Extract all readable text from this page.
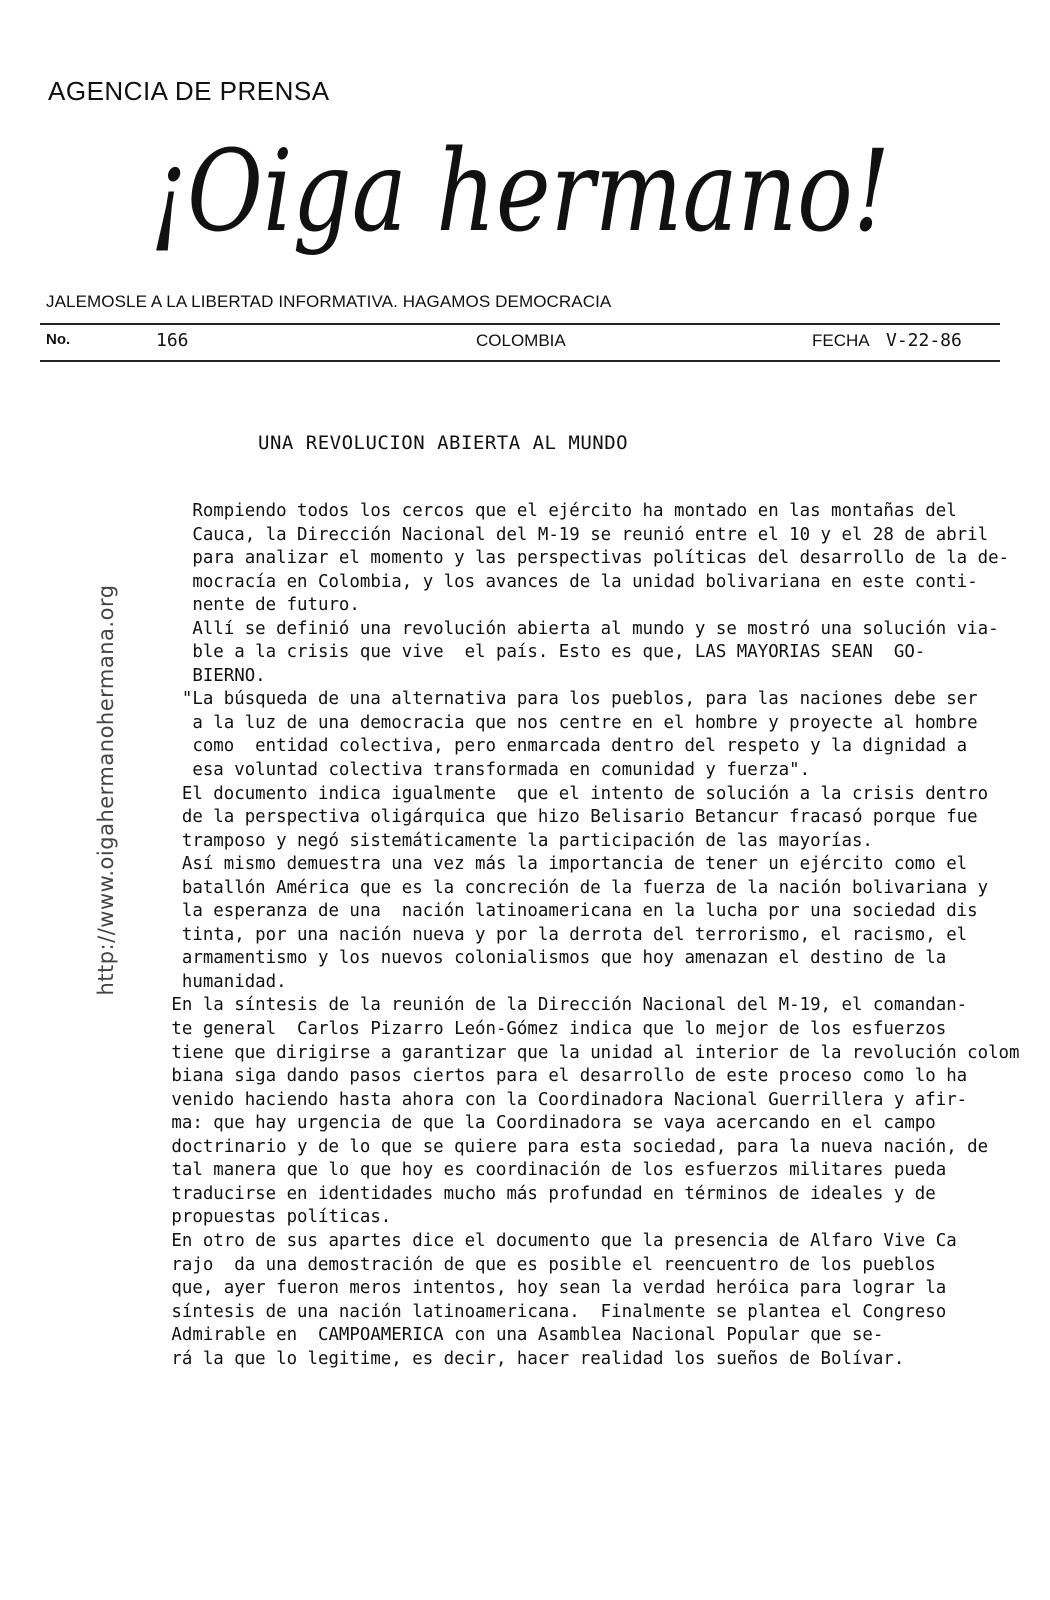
AGENCIA DE PRENSA
¡Oiga hermano!
JALEMOSLE A LA LIBERTAD INFORMATIVA. HAGAMOS DEMOCRACIA
No.	166	COLOMBIA	FECHA V-22-86
UNA REVOLUCION ABIERTA AL MUNDO
http://www.oigahermanohermana.org
Rompiendo todos los cercos que el ejército ha montado en las montañas del
Cauca, la Dirección Nacional del M-19 se reunió entre el 10 y el 28 de abril
para analizar el momento y las perspectivas políticas del desarrollo de la de-
mocracía en Colombia, y los avances de la unidad bolivariana en este conti-
nente de futuro.
Allí se definió una revolución abierta al mundo y se mostró una solución via-
ble a la crisis que vive  el país. Esto es que, LAS MAYORIAS SEAN  GO-
BIERNO.
"La búsqueda de una alternativa para los pueblos, para las naciones debe ser
a la luz de una democracia que nos centre en el hombre y proyecte al hombre
como  entidad colectiva, pero enmarcada dentro del respeto y la dignidad a
esa voluntad colectiva transformada en comunidad y fuerza".
El documento indica igualmente  que el intento de solución a la crisis dentro
de la perspectiva oligárquica que hizo Belisario Betancur fracasó porque fue
tramposo y negó sistemáticamente la participación de las mayorías.
Así mismo demuestra una vez más la importancia de tener un ejército como el
batallón América que es la concreción de la fuerza de la nación bolivariana y
la esperanza de una  nación latinoamericana en la lucha por una sociedad dis
tinta, por una nación nueva y por la derrota del terrorismo, el racismo, el
armamentismo y los nuevos colonialismos que hoy amenazan el destino de la
humanidad.
En la síntesis de la reunión de la Dirección Nacional del M-19, el comandan-
te general  Carlos Pizarro León-Gómez indica que lo mejor de los esfuerzos
tiene que dirigirse a garantizar que la unidad al interior de la revolución colom
biana siga dando pasos ciertos para el desarrollo de este proceso como lo ha
venido haciendo hasta ahora con la Coordinadora Nacional Guerrillera y afir-
ma: que hay urgencia de que la Coordinadora se vaya acercando en el campo
doctrinario y de lo que se quiere para esta sociedad, para la nueva nación, de
tal manera que lo que hoy es coordinación de los esfuerzos militares pueda
traducirse en identidades mucho más profundad en términos de ideales y de
propuestas políticas.
En otro de sus apartes dice el documento que la presencia de Alfaro Vive Ca
rajo  da una demostración de que es posible el reencuentro de los pueblos
que, ayer fueron meros intentos, hoy sean la verdad heróica para lograr la
síntesis de una nación latinoamericana.  Finalmente se plantea el Congreso
Admirable en  CAMPOAMERICA con una Asamblea Nacional Popular que se-
rá la que lo legitime, es decir, hacer realidad los sueños de Bolívar.
